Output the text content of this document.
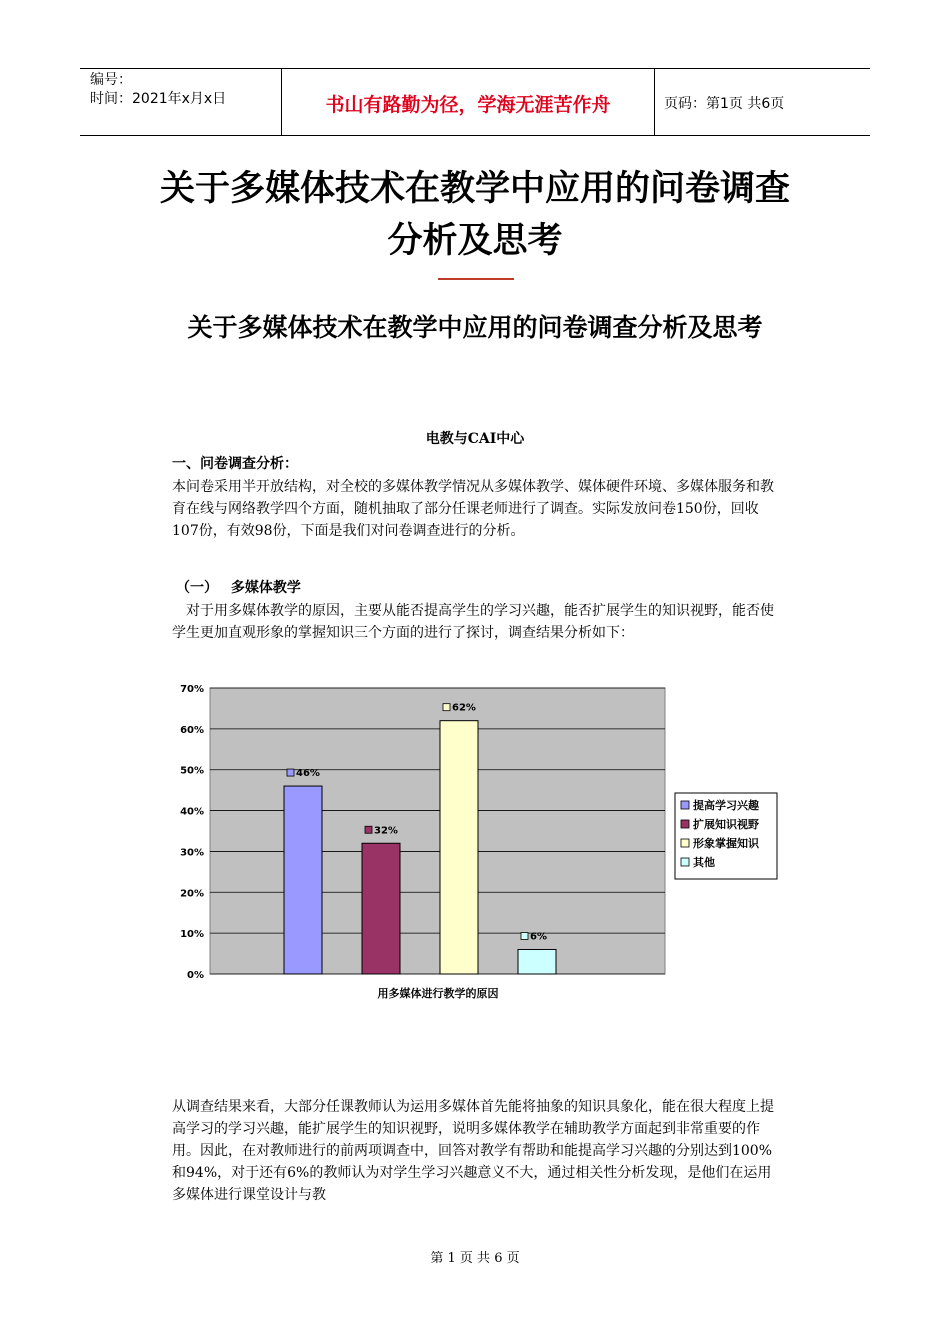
编号：
时间：2021年x月x日	书山有路勤为径，学海无涯苦作舟	页码：第1页 共6页
关于多媒体技术在教学中应用的问卷调查分析及思考
关于多媒体技术在教学中应用的问卷调查分析及思考
电教与CAI中心
一、问卷调查分析：
本问卷采用半开放结构，对全校的多媒体教学情况从多媒体教学、媒体硬件环境、多媒体服务和教育在线与网络教学四个方面，随机抽取了部分任课老师进行了调查。实际发放问卷150份，回收107份，有效98份，下面是我们对问卷调查进行的分析。
（一） 多媒体教学
对于用多媒体教学的原因，主要从能否提高学生的学习兴趣，能否扩展学生的知识视野，能否使学生更加直观形象的掌握知识三个方面的进行了探讨，调查结果分析如下：
0%
10%
20%
30%
40%
50%
60%
70%
46%
32%
62%
6%
用多媒体进行教学的原因
提高学习兴趣
扩展知识视野
形象掌握知识
其他
从调查结果来看，大部分任课教师认为运用多媒体首先能将抽象的知识具象化，能在很大程度上提高学习的学习兴趣，能扩展学生的知识视野，说明多媒体教学在辅助教学方面起到非常重要的作用。因此，在对教师进行的前两项调查中，回答对教学有帮助和能提高学习兴趣的分别达到100%和94%，对于还有6%的教师认为对学生学习兴趣意义不大，通过相关性分析发现，是他们在运用多媒体进行课堂设计与教
第 1 页 共 6 页
